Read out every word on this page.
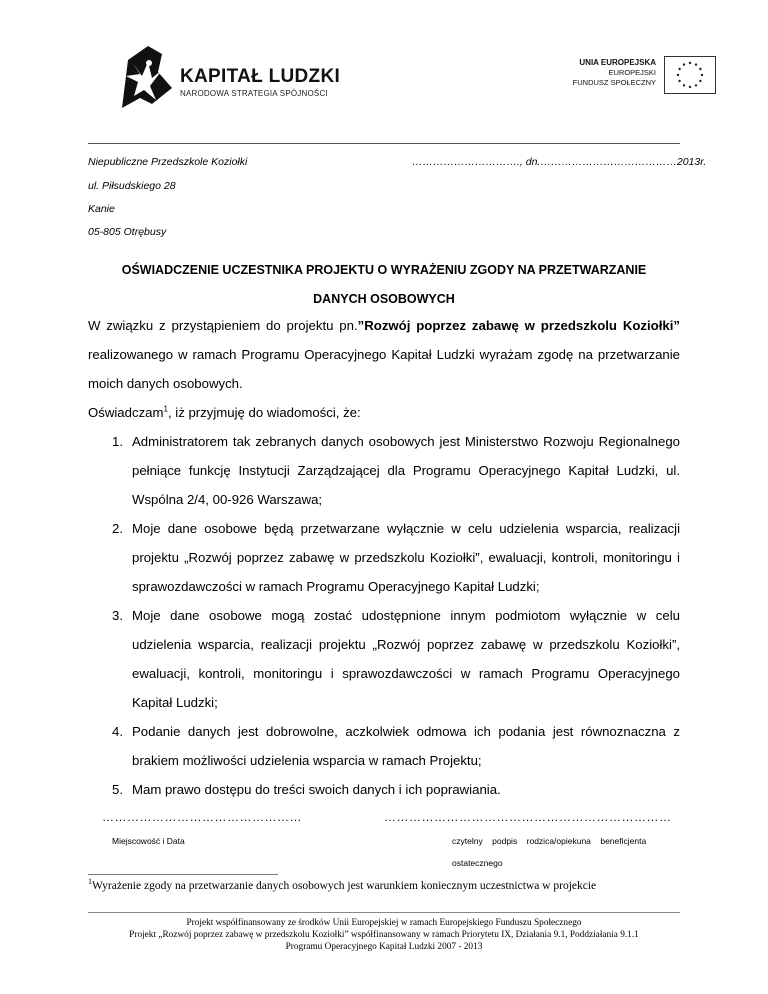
KAPITAŁ LUDZKI
NARODOWA STRATEGIA SPÓJNOŚCI
UNIA EUROPEJSKA
EUROPEJSKI
FUNDUSZ SPOŁECZNY
Niepubliczne Przedszkole Koziołki	…………………………., dn.…………………………………2013r.
ul. Piłsudskiego 28
Kanie
05-805 Otrębusy
OŚWIADCZENIE UCZESTNIKA PROJEKTU O WYRAŻENIU ZGODY NA PRZETWARZANIE
DANYCH OSOBOWYCH

W związku z przystąpieniem do projektu pn.”Rozwój poprzez zabawę w przedszkolu Koziołki” realizowanego w ramach Programu Operacyjnego Kapitał Ludzki wyrażam zgodę na przetwarzanie moich danych osobowych.

Oświadczam$^1$, iż przyjmuję do wiadomości, że:

1. Administratorem tak zebranych danych osobowych jest Ministerstwo Rozwoju Regionalnego pełniące funkcję Instytucji Zarządzającej dla Programu Operacyjnego Kapitał Ludzki, ul. Wspólna 2/4, 00-926 Warszawa;
2. Moje dane osobowe będą przetwarzane wyłącznie w celu udzielenia wsparcia, realizacji projektu „Rozwój poprzez zabawę w przedszkolu Koziołki”, ewaluacji, kontroli, monitoringu i sprawozdawczości w ramach Programu Operacyjnego Kapitał Ludzki;
3. Moje dane osobowe mogą zostać udostępnione innym podmiotom wyłącznie w celu udzielenia wsparcia, realizacji projektu „Rozwój poprzez zabawę w przedszkolu Koziołki”, ewaluacji, kontroli, monitoringu i sprawozdawczości w ramach Programu Operacyjnego Kapitał Ludzki;
4. Podanie danych jest dobrowolne, aczkolwiek odmowa ich podania jest równoznaczna z brakiem możliwości udzielenia wsparcia w ramach Projektu;
5. Mam prawo dostępu do treści swoich danych i ich poprawiania.
…………………………………………	……………………………………………………………
Miejscowość i Data	czytelny    podpis    rodzica/opiekuna    beneficjenta
ostatecznego
$^1$Wyrażenie zgody na przetwarzanie danych osobowych jest warunkiem koniecznym uczestnictwa w projekcie
Projekt współfinansowany ze środków Unii Europejskiej w ramach Europejskiego Funduszu Społecznego
Projekt „Rozwój poprzez zabawę w przedszkolu Koziołki” współfinansowany w ramach Priorytetu IX, Działania 9.1, Poddziałania 9.1.1
Programu Operacyjnego Kapitał Ludzki 2007 - 2013
